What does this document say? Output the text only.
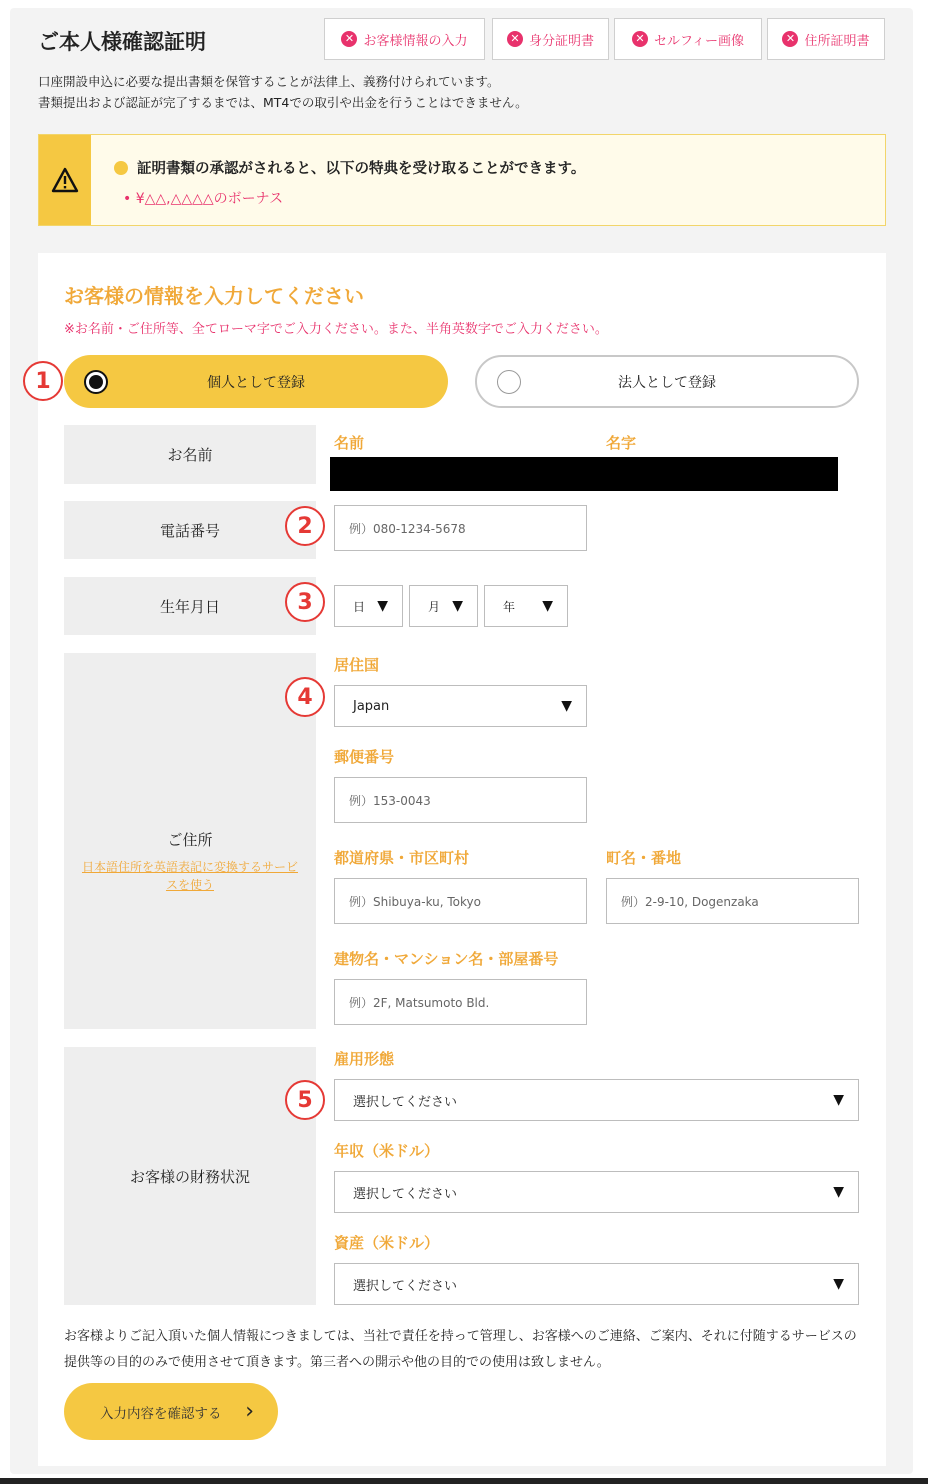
ご本人様確認証明	✕ お客様情報の入力	✕ 身分証明書	✕ セルフィー画像	✕ 住所証明書
口座開設申込に必要な提出書類を保管することが法律上、義務付けられています。
書類提出および認証が完了するまでは、MT4での取引や出金を行うことはできません。
証明書類の承認がされると、以下の特典を受け取ることができます。
• ¥△△,△△△△のボーナス
お客様の情報を入力してください
※お名前・ご住所等、全てローマ字でご入力ください。また、半角英数字でご入力ください。
個人として登録	法人として登録
1
お名前
名前	名字
電話番号	2	例）080-1234-5678
生年月日	3	日 ▼	月 ▼	年 ▼
ご住所
日本語住所を英語表記に変換するサービスを使う
居住国
4	Japan	▼
郵便番号
例）153-0043
都道府県・市区町村	町名・番地
例）Shibuya-ku, Tokyo	例）2-9-10, Dogenzaka
建物名・マンション名・部屋番号
例）2F, Matsumoto Bld.
お客様の財務状況
雇用形態
5	選択してください	▼
年収（米ドル）
選択してください	▼
資産（米ドル）
選択してください	▼
お客様よりご記入頂いた個人情報につきましては、当社で責任を持って管理し、お客様へのご連絡、ご案内、それに付随するサービスの提供等の目的のみで使用させて頂きます。第三者への開示や他の目的での使用は致しません。
入力内容を確認する ›
